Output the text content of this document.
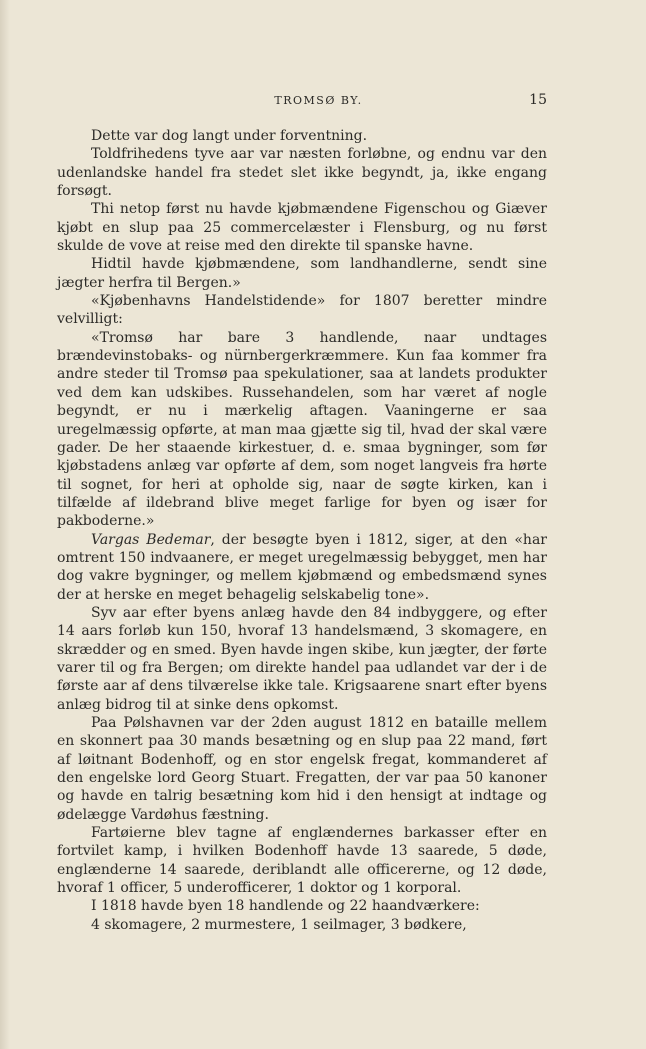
TROMSØ BY.	15

Dette var dog langt under forventning.

Toldfrihedens tyve aar var næsten forløbne, og endnu var den udenlandske handel fra stedet slet ikke begyndt, ja, ikke engang forsøgt.

Thi netop først nu havde kjøbmændene Figenschou og Giæver kjøbt en slup paa 25 commercelæster i Flensburg, og nu først skulde de vove at reise med den direkte til spanske havne.

Hidtil havde kjøbmændene, som landhandlerne, sendt sine jægter herfra til Bergen.»

«Kjøbenhavns Handelstidende» for 1807 beretter mindre velvilligt:

«Tromsø har bare 3 handlende, naar undtages brændevinstobaks- og nürnbergerkræmmere. Kun faa kommer fra andre steder til Tromsø paa spekulationer, saa at landets produkter ved dem kan udskibes. Russehandelen, som har været af nogle begyndt, er nu i mærkelig aftagen. Vaaningerne er saa uregelmæssig opførte, at man maa gjætte sig til, hvad der skal være gader. De her staaende kirkestuer, d. e. smaa bygninger, som før kjøbstadens anlæg var opførte af dem, som noget langveis fra hørte til sognet, for heri at opholde sig, naar de søgte kirken, kan i tilfælde af ildebrand blive meget farlige for byen og især for pakboderne.»

Vargas Bedemar, der besøgte byen i 1812, siger, at den «har omtrent 150 indvaanere, er meget uregelmæssig bebygget, men har dog vakre bygninger, og mellem kjøbmænd og embedsmænd synes der at herske en meget behagelig selskabelig tone».

Syv aar efter byens anlæg havde den 84 indbyggere, og efter 14 aars forløb kun 150, hvoraf 13 handelsmænd, 3 skomagere, en skrædder og en smed. Byen havde ingen skibe, kun jægter, der førte varer til og fra Bergen; om direkte handel paa udlandet var der i de første aar af dens tilværelse ikke tale. Krigsaarene snart efter byens anlæg bidrog til at sinke dens opkomst.

Paa Pølshavnen var der 2den august 1812 en bataille mellem en skonnert paa 30 mands besætning og en slup paa 22 mand, ført af løitnant Bodenhoff, og en stor engelsk fregat, kommanderet af den engelske lord Georg Stuart. Fregatten, der var paa 50 kanoner og havde en talrig besætning kom hid i den hensigt at indtage og ødelægge Vardøhus fæstning.

Fartøierne blev tagne af englændernes barkasser efter en fortvilet kamp, i hvilken Bodenhoff havde 13 saarede, 5 døde, englænderne 14 saarede, deriblandt alle officererne, og 12 døde, hvoraf 1 officer, 5 underofficerer, 1 doktor og 1 korporal.

I 1818 havde byen 18 handlende og 22 haandværkere:

4 skomagere, 2 murmestere, 1 seilmager, 3 bødkere,
